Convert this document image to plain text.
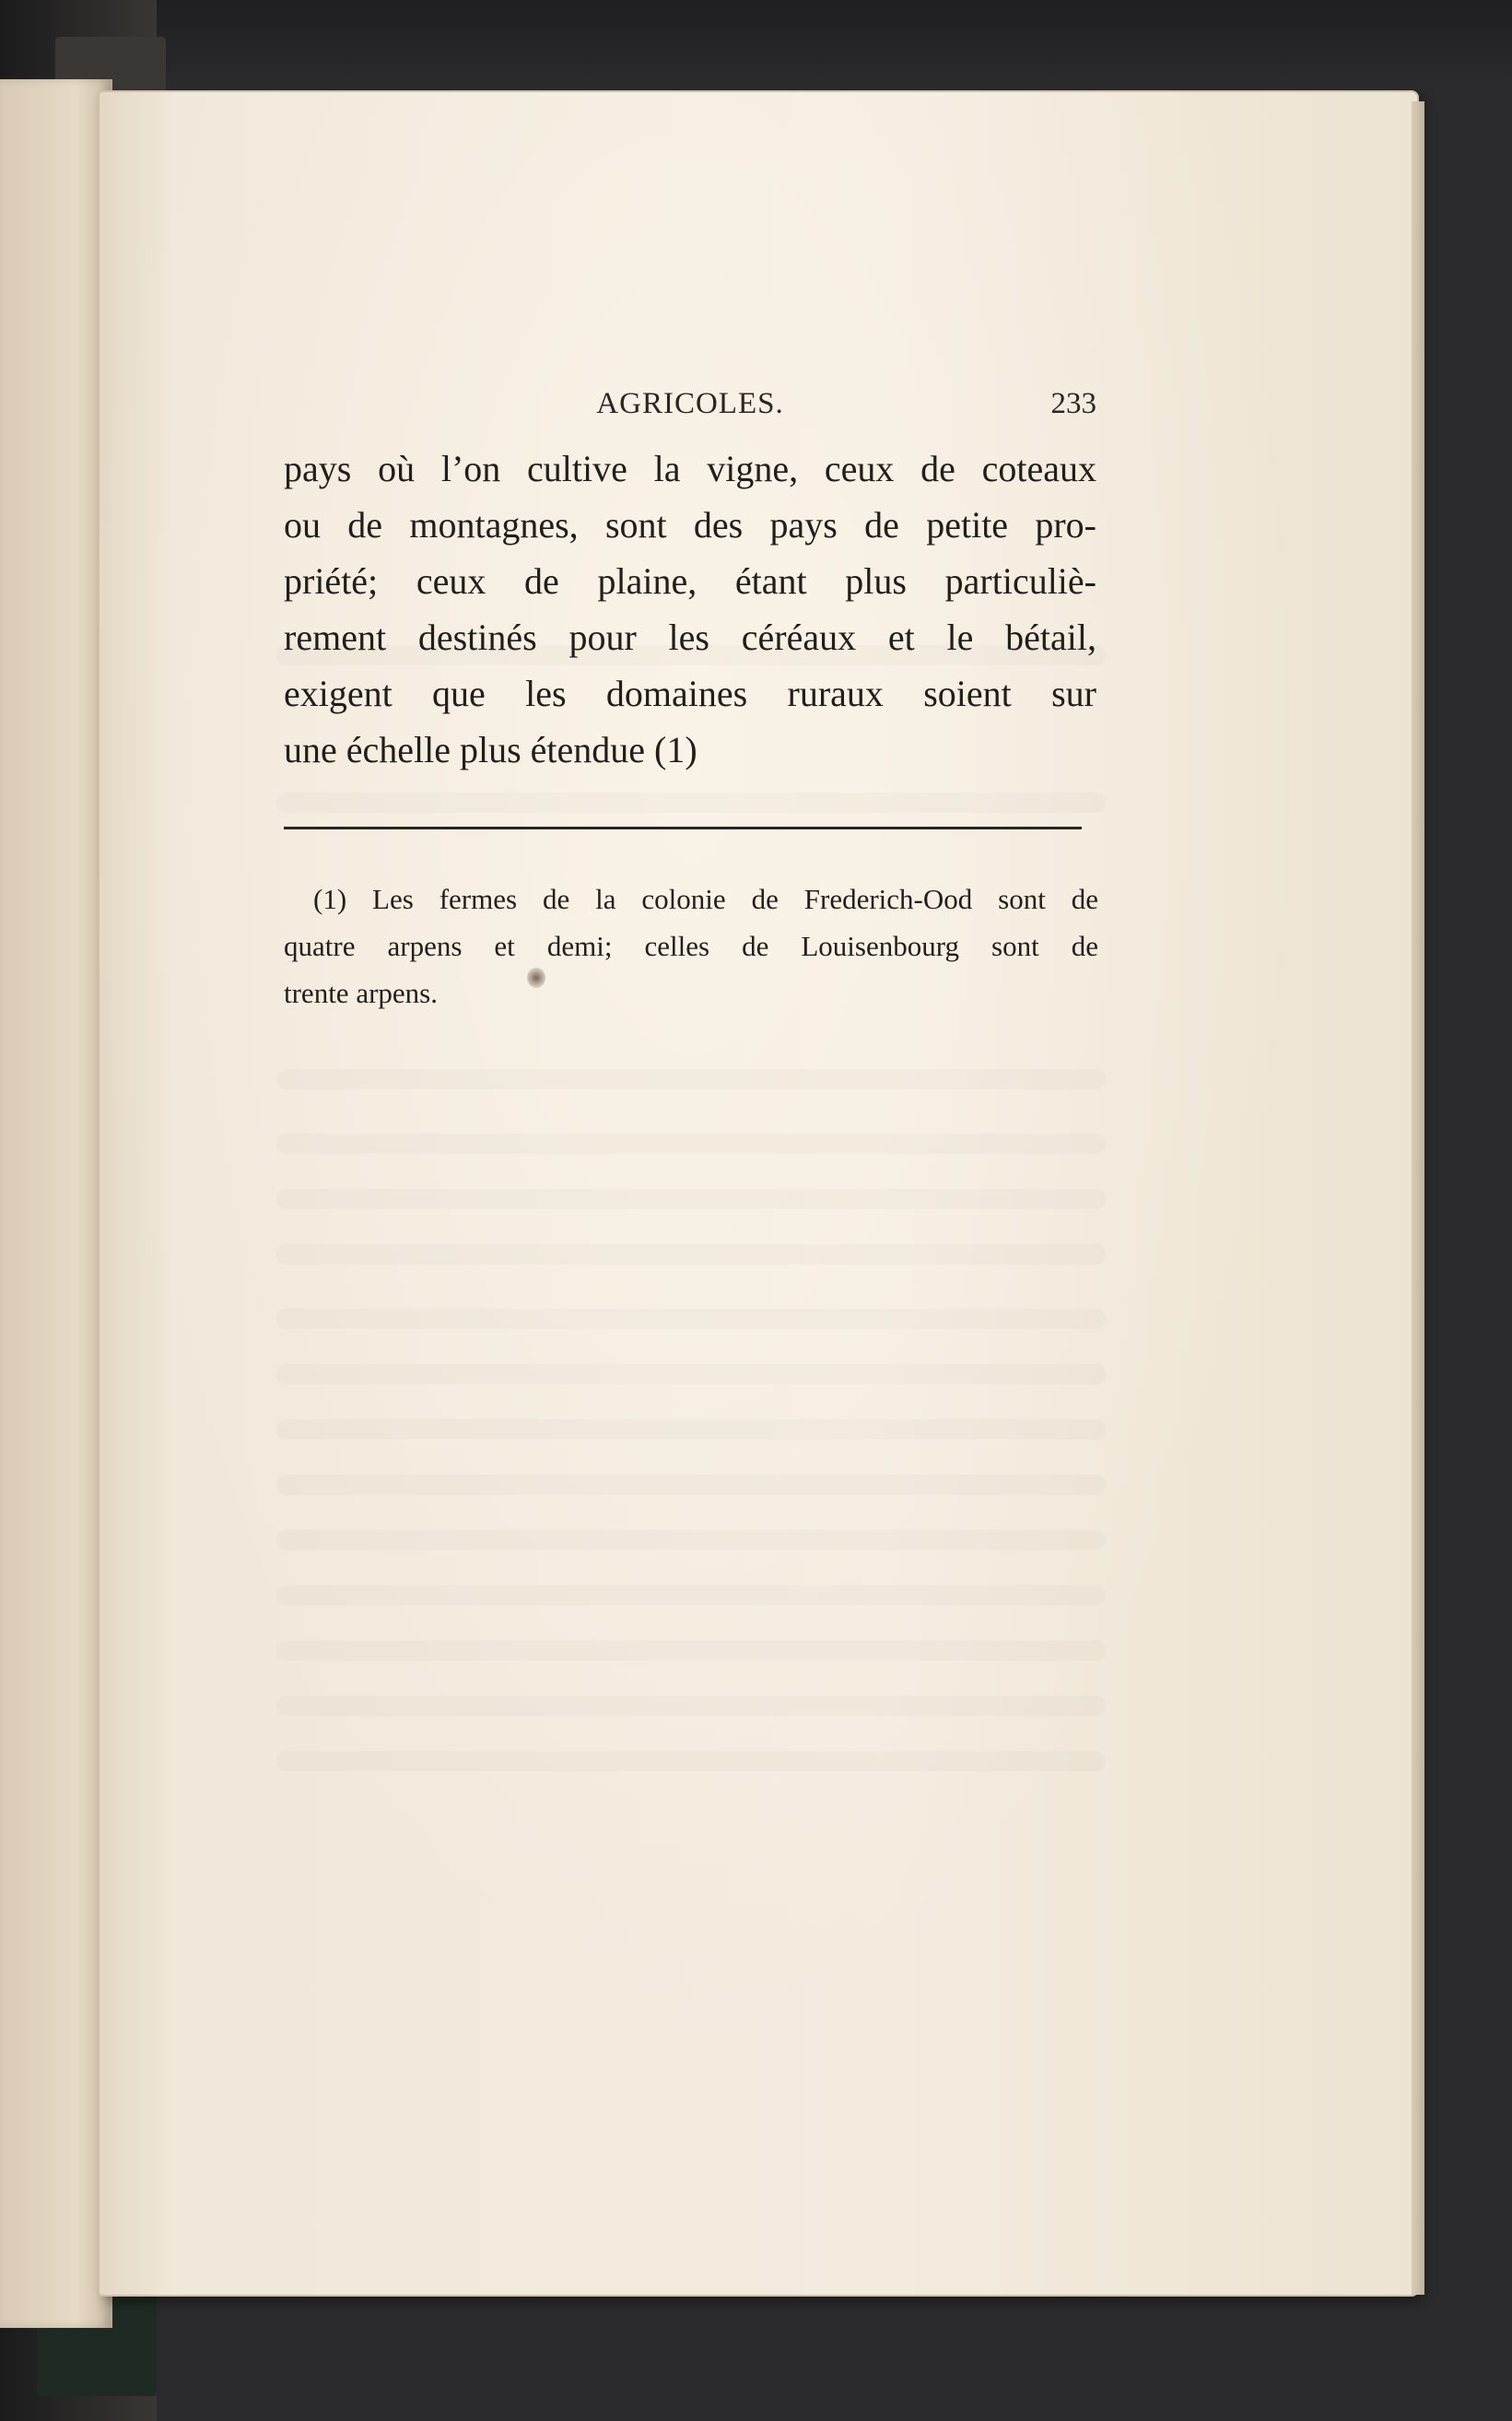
AGRICOLES.	233
pays où l’on cultive la vigne, ceux de coteaux
ou de montagnes, sont des pays de petite pro-
priété; ceux de plaine, étant plus particuliè-
rement destinés pour les céréaux et le bétail,
exigent que les domaines ruraux soient sur
une échelle plus étendue (1)
(1) Les fermes de la colonie de Frederich-Ood sont de
quatre arpens et demi; celles de Louisenbourg sont de
trente arpens.
